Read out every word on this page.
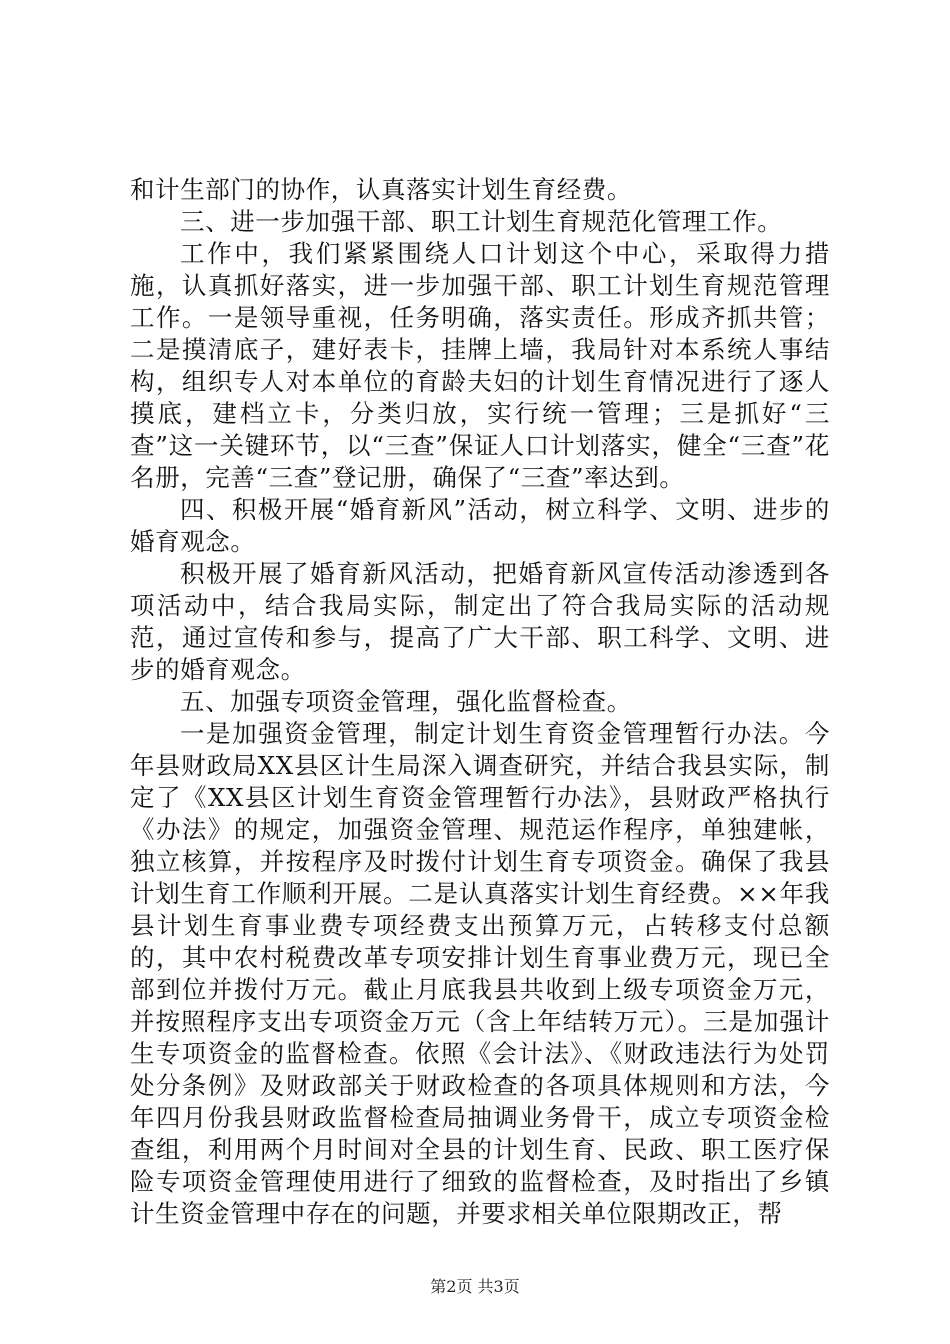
和计生部门的协作，认真落实计划生育经费。

三、进一步加强干部、职工计划生育规范化管理工作。

工作中，我们紧紧围绕人口计划这个中心，采取得力措施，认真抓好落实，进一步加强干部、职工计划生育规范管理工作。一是领导重视，任务明确，落实责任。形成齐抓共管；二是摸清底子，建好表卡，挂牌上墙，我局针对本系统人事结构，组织专人对本单位的育龄夫妇的计划生育情况进行了逐人摸底，建档立卡，分类归放，实行统一管理；三是抓好“三查”这一关键环节，以“三查”保证人口计划落实，健全“三查”花名册，完善“三查”登记册，确保了“三查”率达到。

四、积极开展“婚育新风”活动，树立科学、文明、进步的婚育观念。

积极开展了婚育新风活动，把婚育新风宣传活动渗透到各项活动中，结合我局实际，制定出了符合我局实际的活动规范，通过宣传和参与，提高了广大干部、职工科学、文明、进步的婚育观念。

五、加强专项资金管理，强化监督检查。

一是加强资金管理，制定计划生育资金管理暂行办法。今年县财政局XX县区计生局深入调查研究，并结合我县实际，制定了《XX县区计划生育资金管理暂行办法》，县财政严格执行《办法》的规定，加强资金管理、规范运作程序，单独建帐，独立核算，并按程序及时拨付计划生育专项资金。确保了我县计划生育工作顺利开展。二是认真落实计划生育经费。××年我县计划生育事业费专项经费支出预算万元，占转移支付总额的，其中农村税费改革专项安排计划生育事业费万元，现已全部到位并拨付万元。截止月底我县共收到上级专项资金万元，并按照程序支出专项资金万元（含上年结转万元）。三是加强计生专项资金的监督检查。依照《会计法》、《财政违法行为处罚处分条例》及财政部关于财政检查的各项具体规则和方法，今年四月份我县财政监督检查局抽调业务骨干，成立专项资金检查组，利用两个月时间对全县的计划生育、民政、职工医疗保险专项资金管理使用进行了细致的监督检查，及时指出了乡镇计生资金管理中存在的问题，并要求相关单位限期改正，帮

第2页 共3页
